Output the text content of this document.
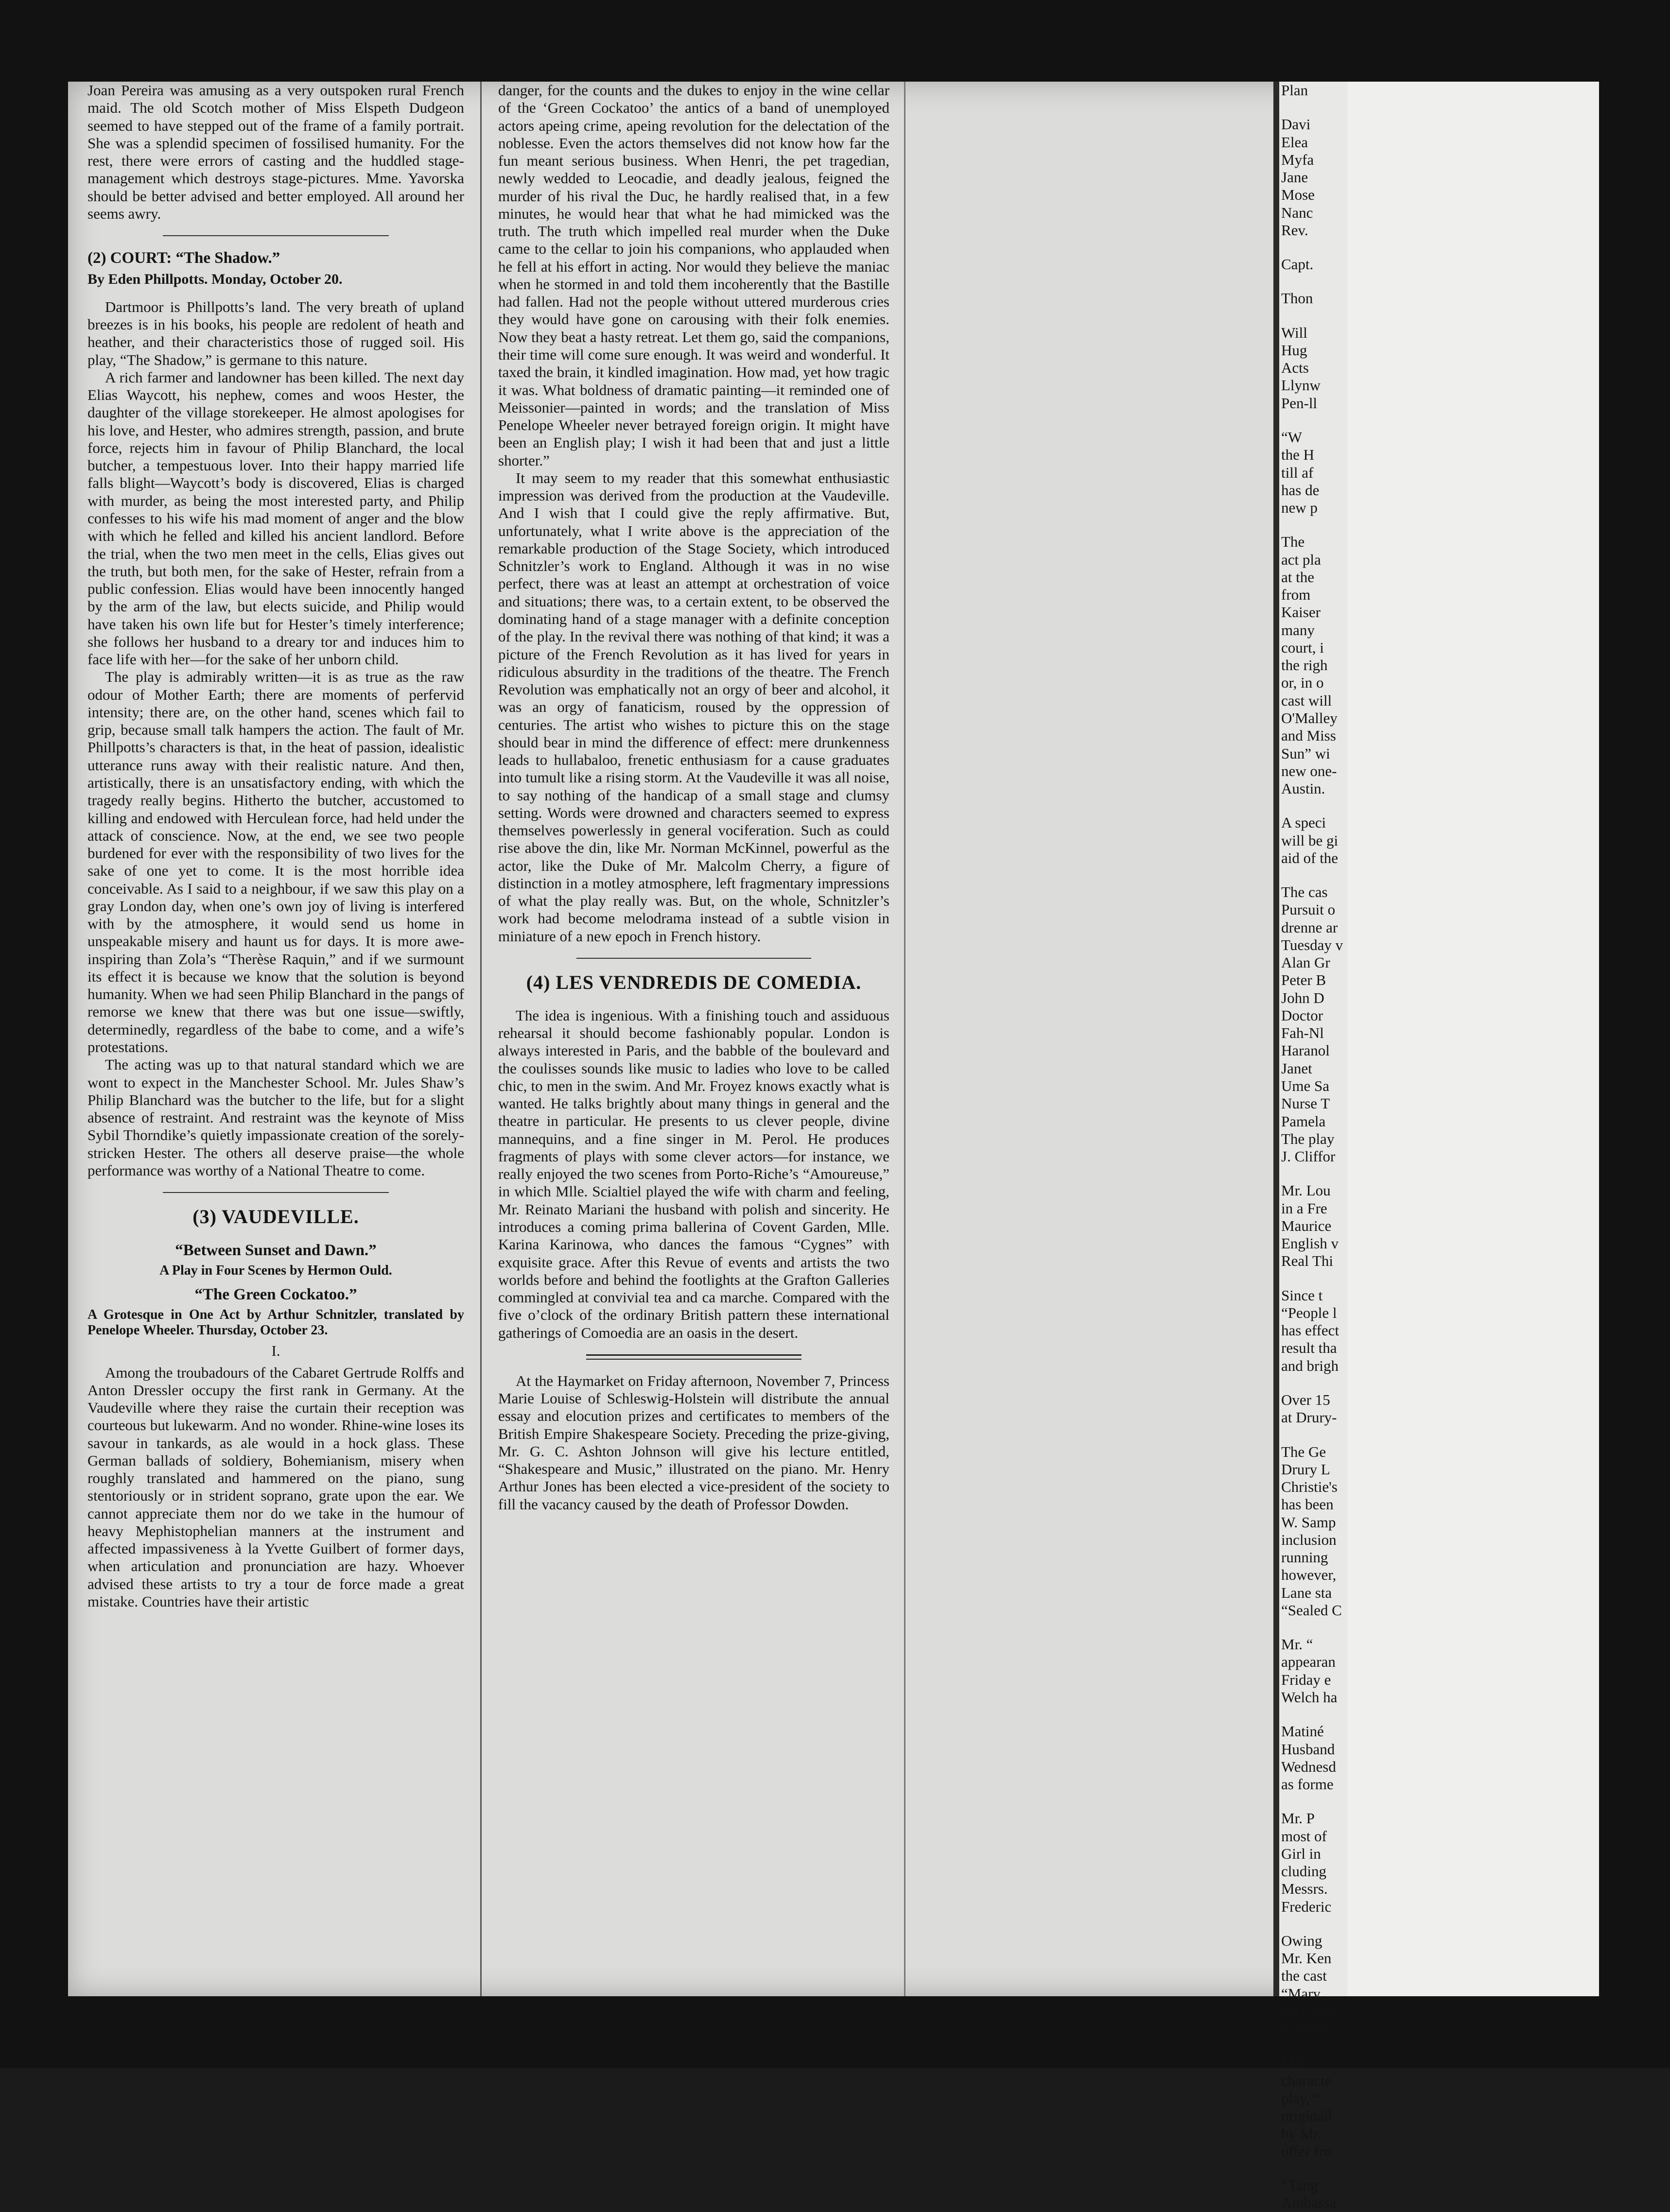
Joan Pereira was amusing as a very outspoken rural French maid. The old Scotch mother of Miss Elspeth Dudgeon seemed to have stepped out of the frame of a family portrait. She was a splendid specimen of fossilised humanity. For the rest, there were errors of casting and the huddled stage-management which destroys stage-pictures. Mme. Yavorska should be better advised and better employed. All around her seems awry.

(2) COURT: “The Shadow.”
By Eden Phillpotts. Monday, October 20.

Dartmoor is Phillpotts’s land. The very breath of upland breezes is in his books, his people are redolent of heath and heather, and their characteristics those of rugged soil. His play, “The Shadow,” is germane to this nature.

A rich farmer and landowner has been killed. The next day Elias Waycott, his nephew, comes and woos Hester, the daughter of the village storekeeper. He almost apologises for his love, and Hester, who admires strength, passion, and brute force, rejects him in favour of Philip Blanchard, the local butcher, a tempestuous lover. Into their happy married life falls blight—Waycott’s body is discovered, Elias is charged with murder, as being the most interested party, and Philip confesses to his wife his mad moment of anger and the blow with which he felled and killed his ancient landlord. Before the trial, when the two men meet in the cells, Elias gives out the truth, but both men, for the sake of Hester, refrain from a public confession. Elias would have been innocently hanged by the arm of the law, but elects suicide, and Philip would have taken his own life but for Hester’s timely interference; she follows her husband to a dreary tor and induces him to face life with her—for the sake of her unborn child.

The play is admirably written—it is as true as the raw odour of Mother Earth; there are moments of perfervid intensity; there are, on the other hand, scenes which fail to grip, because small talk hampers the action. The fault of Mr. Phillpotts’s characters is that, in the heat of passion, idealistic utterance runs away with their realistic nature. And then, artistically, there is an unsatisfactory ending, with which the tragedy really begins. Hitherto the butcher, accustomed to killing and endowed with Herculean force, had held under the attack of conscience. Now, at the end, we see two people burdened for ever with the responsibility of two lives for the sake of one yet to come. It is the most horrible idea conceivable. As I said to a neighbour, if we saw this play on a gray London day, when one’s own joy of living is interfered with by the atmosphere, it would send us home in unspeakable misery and haunt us for days. It is more awe-inspiring than Zola’s “Therèse Raquin,” and if we surmount its effect it is because we know that the solution is beyond humanity. When we had seen Philip Blanchard in the pangs of remorse we knew that there was but one issue—swiftly, determinedly, regardless of the babe to come, and a wife’s protestations.

The acting was up to that natural standard which we are wont to expect in the Manchester School. Mr. Jules Shaw’s Philip Blanchard was the butcher to the life, but for a slight absence of restraint. And restraint was the keynote of Miss Sybil Thorndike’s quietly impassionate creation of the sorely-stricken Hester. The others all deserve praise—the whole performance was worthy of a National Theatre to come.

(3) VAUDEVILLE.
“Between Sunset and Dawn.”
A Play in Four Scenes by Hermon Ould.
“The Green Cockatoo.”
A Grotesque in One Act by Arthur Schnitzler, translated by Penelope Wheeler. Thursday, October 23.
I.

Among the troubadours of the Cabaret Gertrude Rolffs and Anton Dressler occupy the first rank in Germany. At the Vaudeville where they raise the curtain their reception was courteous but lukewarm. And no wonder. Rhine-wine loses its savour in tankards, as ale would in a hock glass. These German ballads of soldiery, Bohemianism, misery when roughly translated and hammered on the piano, sung stentoriously or in strident soprano, grate upon the ear. We cannot appreciate them nor do we take in the humour of heavy Mephistophelian manners at the instrument and affected impassiveness à la Yvette Guilbert of former days, when articulation and pronunciation are hazy. Whoever advised these artists to try a tour de force made a great mistake. Countries have their artistic

danger, for the counts and the dukes to enjoy in the wine cellar of the ‘Green Cockatoo’ the antics of a band of unemployed actors apeing crime, apeing revolution for the delectation of the noblesse. Even the actors themselves did not know how far the fun meant serious business. When Henri, the pet tragedian, newly wedded to Leocadie, and deadly jealous, feigned the murder of his rival the Duc, he hardly realised that, in a few minutes, he would hear that what he had mimicked was the truth. The truth which impelled real murder when the Duke came to the cellar to join his companions, who applauded when he fell at his effort in acting. Nor would they believe the maniac when he stormed in and told them incoherently that the Bastille had fallen. Had not the people without uttered murderous cries they would have gone on carousing with their folk enemies. Now they beat a hasty retreat. Let them go, said the companions, their time will come sure enough. It was weird and wonderful. It taxed the brain, it kindled imagination. How mad, yet how tragic it was. What boldness of dramatic painting—it reminded one of Meissonier—painted in words; and the translation of Miss Penelope Wheeler never betrayed foreign origin. It might have been an English play; I wish it had been that and just a little shorter.”

It may seem to my reader that this somewhat enthusiastic impression was derived from the production at the Vaudeville. And I wish that I could give the reply affirmative. But, unfortunately, what I write above is the appreciation of the remarkable production of the Stage Society, which introduced Schnitzler’s work to England. Although it was in no wise perfect, there was at least an attempt at orchestration of voice and situations; there was, to a certain extent, to be observed the dominating hand of a stage manager with a definite conception of the play. In the revival there was nothing of that kind; it was a picture of the French Revolution as it has lived for years in ridiculous absurdity in the traditions of the theatre. The French Revolution was emphatically not an orgy of beer and alcohol, it was an orgy of fanaticism, roused by the oppression of centuries. The artist who wishes to picture this on the stage should bear in mind the difference of effect: mere drunkenness leads to hullabaloo, frenetic enthusiasm for a cause graduates into tumult like a rising storm. At the Vaudeville it was all noise, to say nothing of the handicap of a small stage and clumsy setting. Words were drowned and characters seemed to express themselves powerlessly in general vociferation. Such as could rise above the din, like Mr. Norman McKinnel, powerful as the actor, like the Duke of Mr. Malcolm Cherry, a figure of distinction in a motley atmosphere, left fragmentary impressions of what the play really was. But, on the whole, Schnitzler’s work had become melodrama instead of a subtle vision in miniature of a new epoch in French history.

(4) LES VENDREDIS DE COMEDIA.

The idea is ingenious. With a finishing touch and assiduous rehearsal it should become fashionably popular. London is always interested in Paris, and the babble of the boulevard and the coulisses sounds like music to ladies who love to be called chic, to men in the swim. And Mr. Froyez knows exactly what is wanted. He talks brightly about many things in general and the theatre in particular. He presents to us clever people, divine mannequins, and a fine singer in M. Perol. He produces fragments of plays with some clever actors—for instance, we really enjoyed the two scenes from Porto-Riche’s “Amoureuse,” in which Mlle. Scialtiel played the wife with charm and feeling, Mr. Reinato Mariani the husband with polish and sincerity. He introduces a coming prima ballerina of Covent Garden, Mlle. Karina Karinowa, who dances the famous “Cygnes” with exquisite grace. After this Revue of events and artists the two worlds before and behind the footlights at the Grafton Galleries commingled at convivial tea and ca marche. Compared with the five o’clock of the ordinary British pattern these international gatherings of Comoedia are an oasis in the desert.

At the Haymarket on Friday afternoon, November 7, Princess Marie Louise of Schleswig-Holstein will distribute the annual essay and elocution prizes and certificates to members of the British Empire Shakespeare Society. Preceding the prize-giving, Mr. G. C. Ashton Johnson will give his lecture entitled, “Shakespeare and Music,” illustrated on the piano. Mr. Henry Arthur Jones has been elected a vice-president of the society to fill the vacancy caused by the death of Professor Dowden.

Plan
Davi
Elea
Myfa
Jane
Mose
Nanc
Rev.
Capt.
Thon
Will
Hug
Acts
Llynw
Pen-ll
“W
the H
till af
has de
new p
The
act pla
at the
from
Kaiser
many
court, i
the righ
or, in o
cast will
O'Malley
and Miss
Sun” wi
new one-
Austin.
A speci
will be gi
aid of the
The cas
Pursuit o
drenne ar
Tuesday v
Alan Gr
Peter B
John D
Doctor
Fah-Nl
Haranol
Janet
Ume Sa
Nurse T
Pamela
The play
J. Cliffor
Mr. Lou
in a Fre
Maurice
English v
Real Thi
Since t
“People l
has effect
result tha
and brigh
Over 15
at Drury-
The Ge
Drury L
Christie's
has been
W. Samp
inclusion
running
however,
Lane sta
“Sealed C
Mr. “
appearan
Friday e
Welch ha
Matiné
Husband
Wednesd
as forme
Mr. P
most of
Girl in
cluding
Messrs.
Frederic
Owing
Mr. Ken
the cast
“Mary
very cap
C. Brow
Miss
characte
play, “
originall
by Mr.
offer fro
“Tang
Ambassa
